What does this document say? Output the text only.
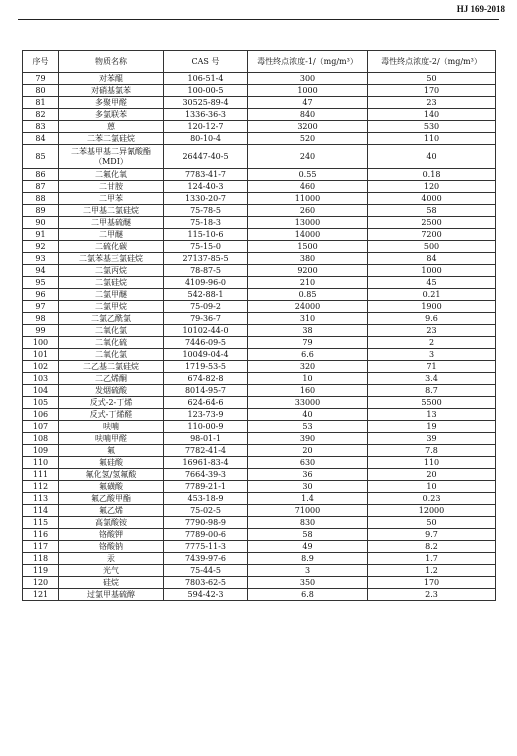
HJ 169-2018
序号	物质名称	CAS 号	毒性终点浓度-1/（mg/m³）	毒性终点浓度-2/（mg/m³）
79	对苯醌	106-51-4	300	50
80	对硝基氯苯	100-00-5	1000	170
81	多聚甲醛	30525-89-4	47	23
82	多氯联苯	1336-36-3	840	140
83	蒽	120-12-7	3200	530
84	二苯二氯硅烷	80-10-4	520	110
85	二苯基甲基二异氰酸酯（MDI）	26447-40-5	240	40
86	二氟化氧	7783-41-7	0.55	0.18
87	二甘胺	124-40-3	460	120
88	二甲苯	1330-20-7	11000	4000
89	二甲基二氯硅烷	75-78-5	260	58
90	二甲基硫醚	75-18-3	13000	2500
91	二甲醚	115-10-6	14000	7200
92	二硫化碳	75-15-0	1500	500
93	二氯苯基三氯硅烷	27137-85-5	380	84
94	二氯丙烷	78-87-5	9200	1000
95	二氯硅烷	4109-96-0	210	45
96	二氯甲醚	542-88-1	0.85	0.21
97	二氯甲烷	75-09-2	24000	1900
98	二氯乙酰氯	79-36-7	310	9.6
99	二氧化氯	10102-44-0	38	23
100	二氧化硫	7446-09-5	79	2
101	二氧化氯	10049-04-4	6.6	3
102	二乙基二氯硅烷	1719-53-5	320	71
103	二乙烯酮	674-82-8	10	3.4
104	发烟硫酸	8014-95-7	160	8.7
105	反式-2-丁烯	624-64-6	33000	5500
106	反式-丁烯醛	123-73-9	40	13
107	呋喃	110-00-9	53	19
108	呋喃甲醛	98-01-1	390	39
109	氟	7782-41-4	20	7.8
110	氟硅酸	16961-83-4	630	110
111	氟化氢/氢氟酸	7664-39-3	36	20
112	氟磺酸	7789-21-1	30	10
113	氟乙酸甲酯	453-18-9	1.4	0.23
114	氟乙烯	75-02-5	71000	12000
115	高氯酸铵	7790-98-9	830	50
116	铬酸钾	7789-00-6	58	9.7
117	铬酸钠	7775-11-3	49	8.2
118	汞	7439-97-6	8.9	1.7
119	光气	75-44-5	3	1.2
120	硅烷	7803-62-5	350	170
121	过氯甲基硫醇	594-42-3	6.8	2.3
